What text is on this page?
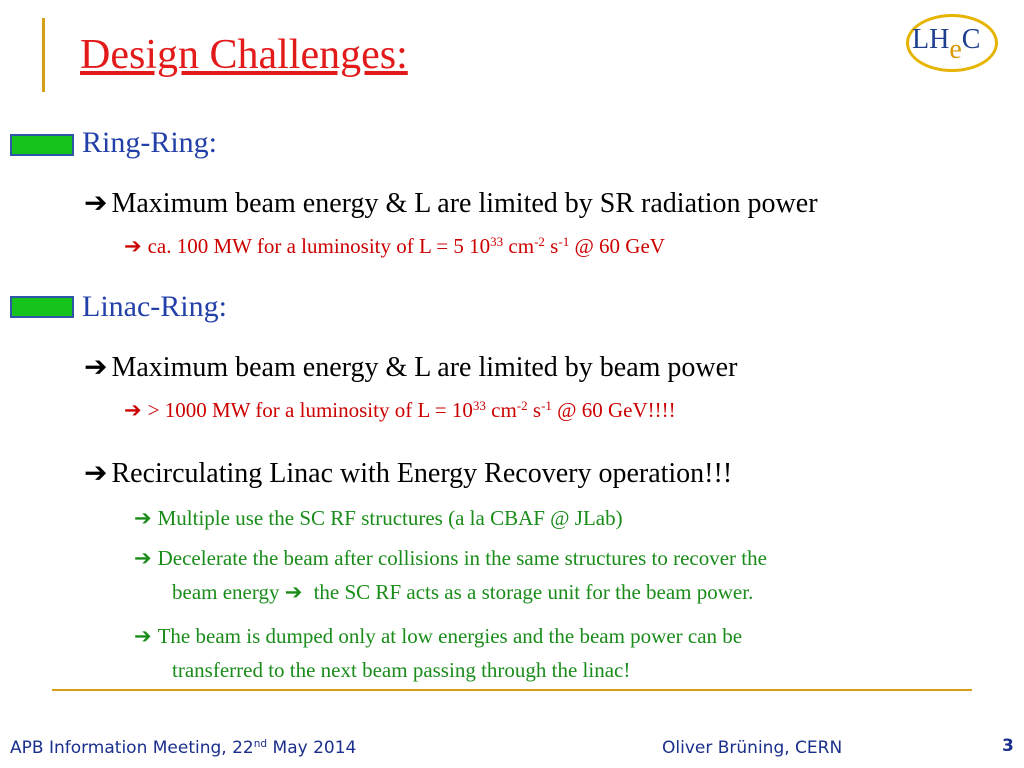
Design Challenges:	LHeC
Ring-Ring:
➔ Maximum beam energy & L are limited by SR radiation power
➔ ca. 100 MW for a luminosity of L = 5 $10^{33}$ $cm^{-2}$ $s^{-1}$ @ 60 GeV
Linac-Ring:
➔ Maximum beam energy & L are limited by beam power
➔ > 1000 MW for a luminosity of $L = 10^{33}$ $cm^{-2}$ $s^{-1}$ @ 60 GeV!!!!
➔ Recirculating Linac with Energy Recovery operation!!!
➔ Multiple use the SC RF structures (a la CBAF @ JLab)
➔ Decelerate the beam after collisions in the same structures to recover the
beam energy ➔ the SC RF acts as a storage unit for the beam power.
➔ The beam is dumped only at low energies and the beam power can be
transferred to the next beam passing through the linac!
APB Information Meeting, 22nd May 2014	Oliver Brüning, CERN	3
